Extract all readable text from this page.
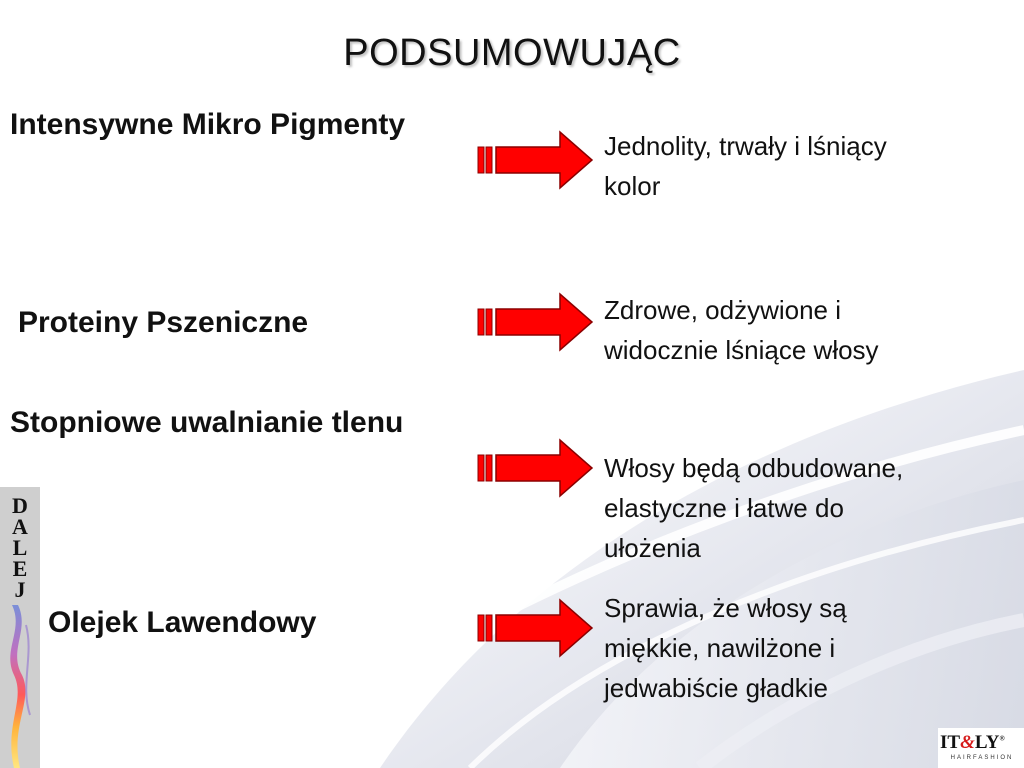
PODSUMOWUJĄC
Intensywne Mikro Pigmenty
Jednolity, trwały i lśniący
kolor
Proteiny Pszeniczne	Zdrowe, odżywione i
widocznie lśniące włosy
Stopniowe uwalnianie tlenu
Włosy będą odbudowane,
elastyczne i łatwe do
ułożenia
Olejek Lawendowy	Sprawia, że włosy są
miękkie, nawilżone i
jedwabiście gładkie
D
A
L
E
J
IT&LY®
HAIRFASHION
